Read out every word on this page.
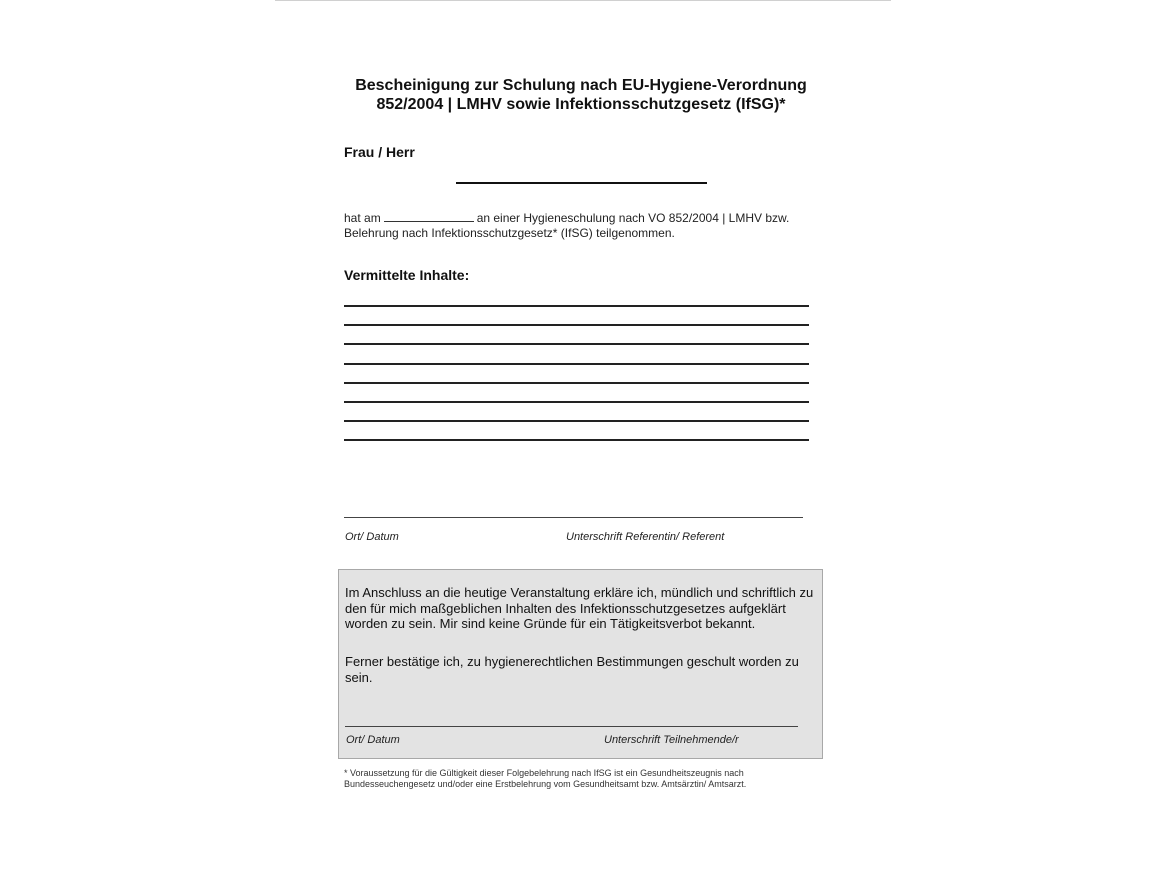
Bescheinigung zur Schulung nach EU-Hygiene-Verordnung
852/2004 | LMHV sowie Infektionsschutzgesetz (IfSG)*
Frau / Herr
hat am	an einer Hygieneschulung nach VO 852/2004 | LMHV bzw.
Belehrung nach Infektionsschutzgesetz* (IfSG) teilgenommen.
Vermittelte Inhalte:
Ort/ Datum	Unterschrift Referentin/ Referent

Im Anschluss an die heutige Veranstaltung erkläre ich, mündlich und schriftlich zu den für mich maßgeblichen Inhalten des Infektionsschutzgesetzes aufgeklärt worden zu sein. Mir sind keine Gründe für ein Tätigkeitsverbot bekannt.

Ferner bestätige ich, zu hygienerechtlichen Bestimmungen geschult worden zu sein.

Ort/ Datum	Unterschrift Teilnehmende/r
* Voraussetzung für die Gültigkeit dieser Folgebelehrung nach IfSG ist ein Gesundheitszeugnis nach
Bundesseuchengesetz und/oder eine Erstbelehrung vom Gesundheitsamt bzw. Amtsärztin/ Amtsarzt.
